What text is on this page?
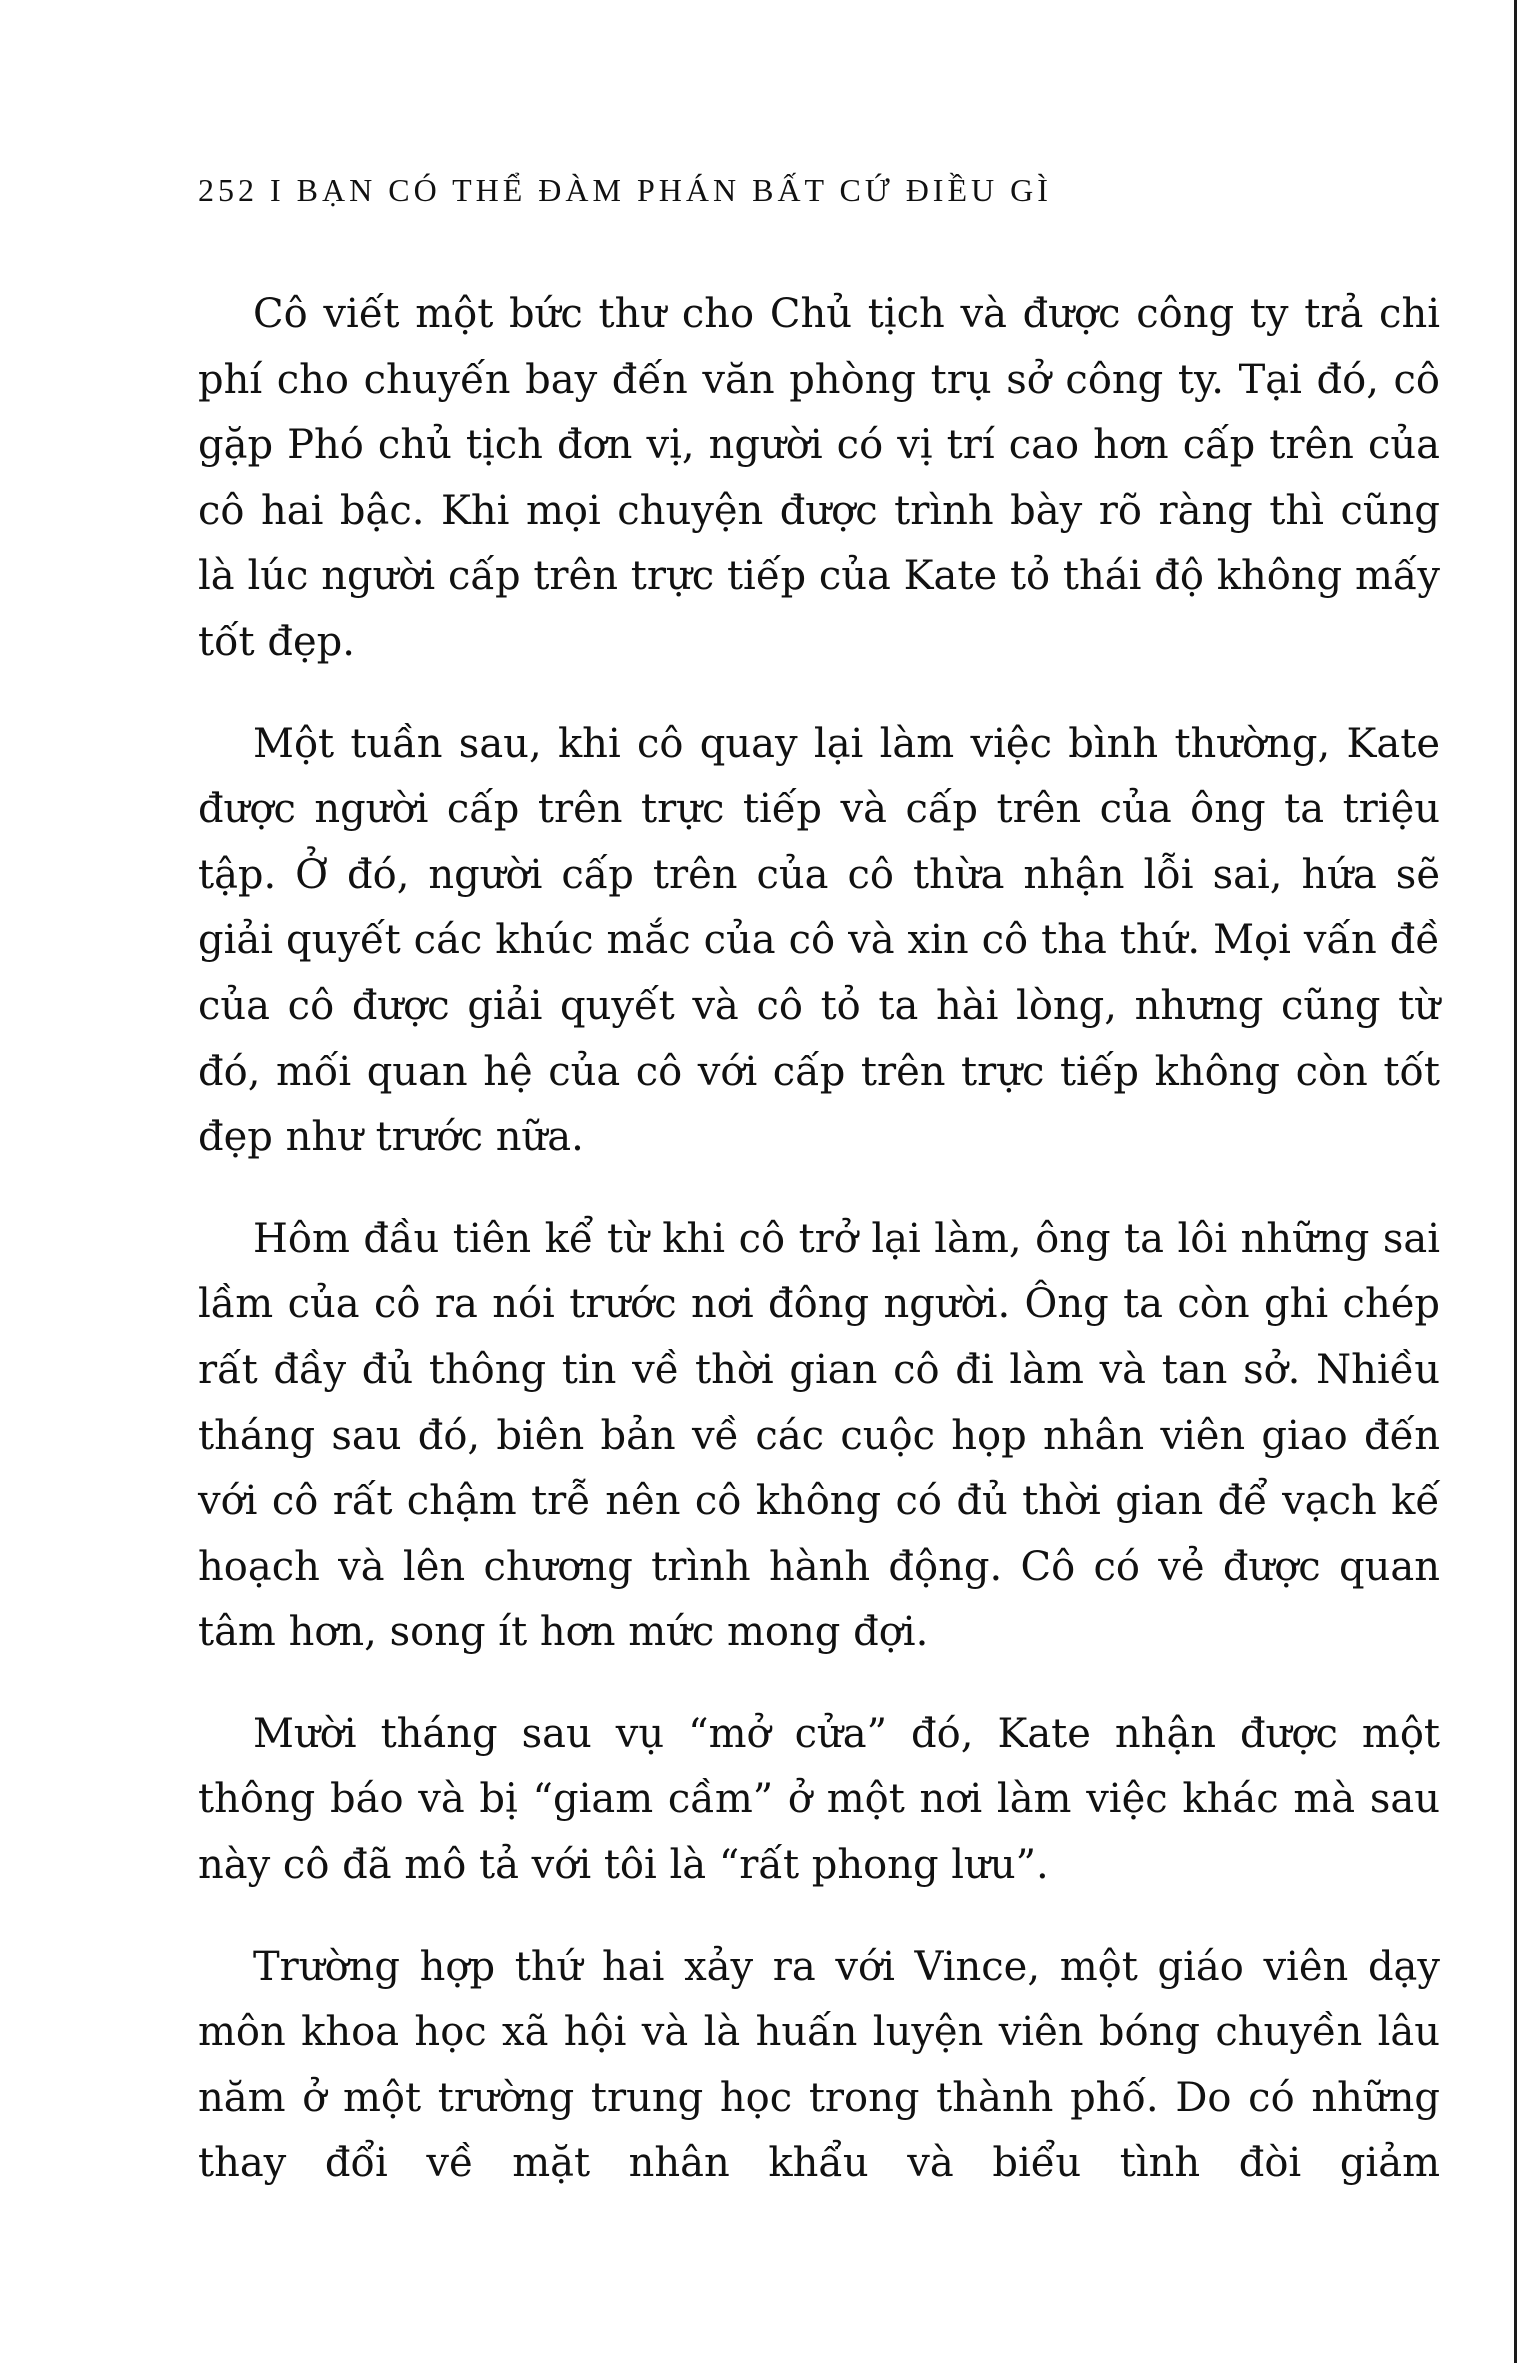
252 I BẠN CÓ THỂ ĐÀM PHÁN BẤT CỨ ĐIỀU GÌ

Cô viết một bức thư cho Chủ tịch và được công ty trả chi phí cho chuyến bay đến văn phòng trụ sở công ty. Tại đó, cô gặp Phó chủ tịch đơn vị, người có vị trí cao hơn cấp trên của cô hai bậc. Khi mọi chuyện được trình bày rõ ràng thì cũng là lúc người cấp trên trực tiếp của Kate tỏ thái độ không mấy tốt đẹp.

Một tuần sau, khi cô quay lại làm việc bình thường, Kate được người cấp trên trực tiếp và cấp trên của ông ta triệu tập. Ở đó, người cấp trên của cô thừa nhận lỗi sai, hứa sẽ giải quyết các khúc mắc của cô và xin cô tha thứ. Mọi vấn đề của cô được giải quyết và cô tỏ ta hài lòng, nhưng cũng từ đó, mối quan hệ của cô với cấp trên trực tiếp không còn tốt đẹp như trước nữa.

Hôm đầu tiên kể từ khi cô trở lại làm, ông ta lôi những sai lầm của cô ra nói trước nơi đông người. Ông ta còn ghi chép rất đầy đủ thông tin về thời gian cô đi làm và tan sở. Nhiều tháng sau đó, biên bản về các cuộc họp nhân viên giao đến với cô rất chậm trễ nên cô không có đủ thời gian để vạch kế hoạch và lên chương trình hành động. Cô có vẻ được quan tâm hơn, song ít hơn mức mong đợi.

Mười tháng sau vụ “mở cửa” đó, Kate nhận được một thông báo và bị “giam cầm” ở một nơi làm việc khác mà sau này cô đã mô tả với tôi là “rất phong lưu”.

Trường hợp thứ hai xảy ra với Vince, một giáo viên dạy môn khoa học xã hội và là huấn luyện viên bóng chuyền lâu năm ở một trường trung học trong thành phố. Do có những thay đổi về mặt nhân khẩu và biểu tình đòi giảm
